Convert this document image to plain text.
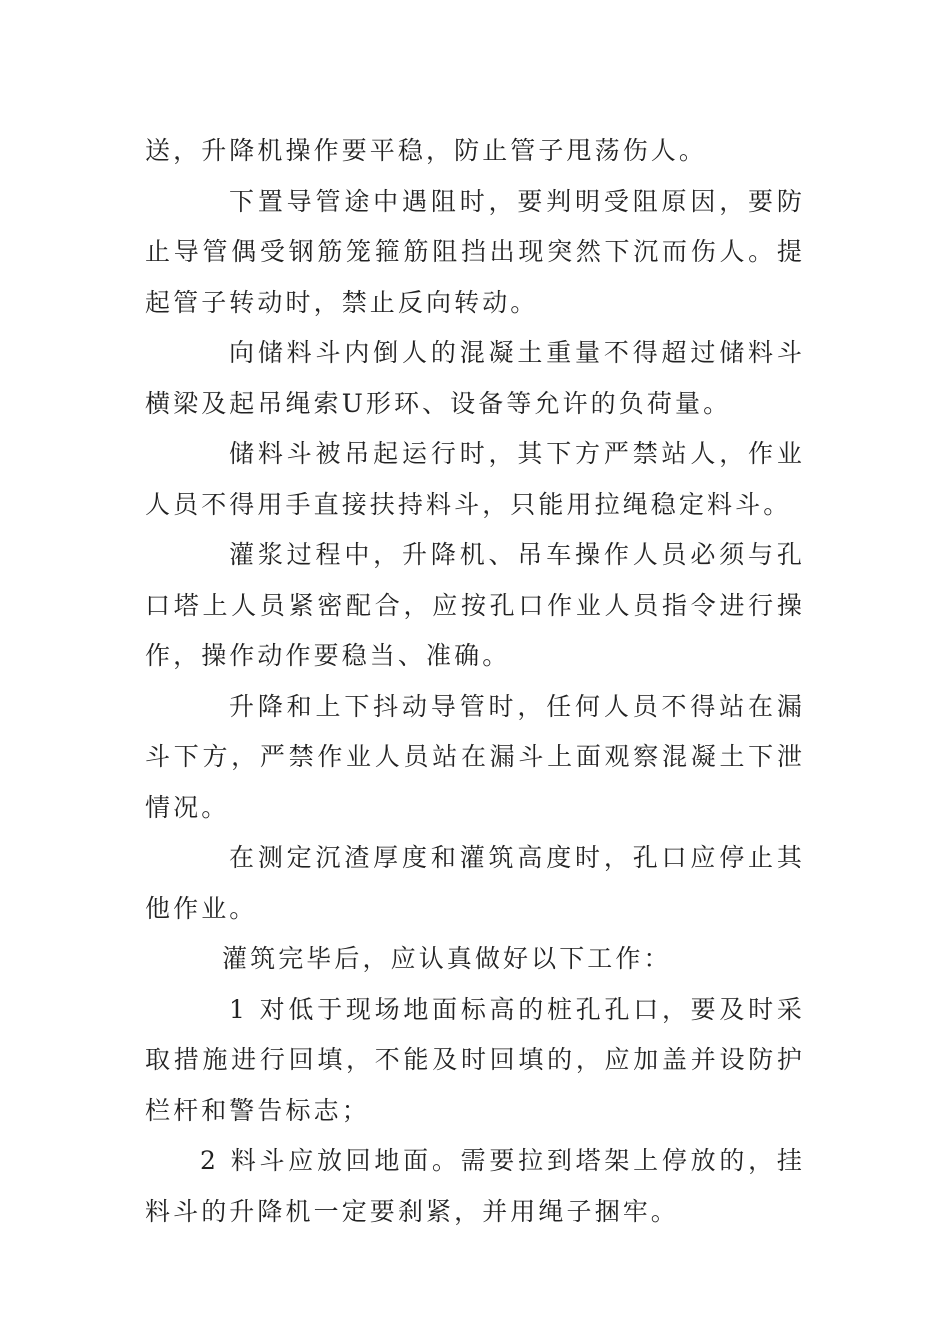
送，升降机操作要平稳，防止管子甩荡伤人。

下置导管途中遇阻时，要判明受阻原因，要防止导管偶受钢筋笼箍筋阻挡出现突然下沉而伤人。提起管子转动时，禁止反向转动。

向储料斗内倒人的混凝土重量不得超过储料斗横梁及起吊绳索U形环、设备等允许的负荷量。

储料斗被吊起运行时，其下方严禁站人，作业人员不得用手直接扶持料斗，只能用拉绳稳定料斗。

灌浆过程中，升降机、吊车操作人员必须与孔口塔上人员紧密配合，应按孔口作业人员指令进行操作，操作动作要稳当、准确。

升降和上下抖动导管时，任何人员不得站在漏斗下方，严禁作业人员站在漏斗上面观察混凝土下泄情况。

在测定沉渣厚度和灌筑高度时，孔口应停止其他作业。

灌筑完毕后，应认真做好以下工作：

1 对低于现场地面标高的桩孔孔口，要及时采取措施进行回填，不能及时回填的，应加盖并设防护栏杆和警告标志；

2 料斗应放回地面。需要拉到塔架上停放的，挂料斗的升降机一定要刹紧，并用绳子捆牢。
